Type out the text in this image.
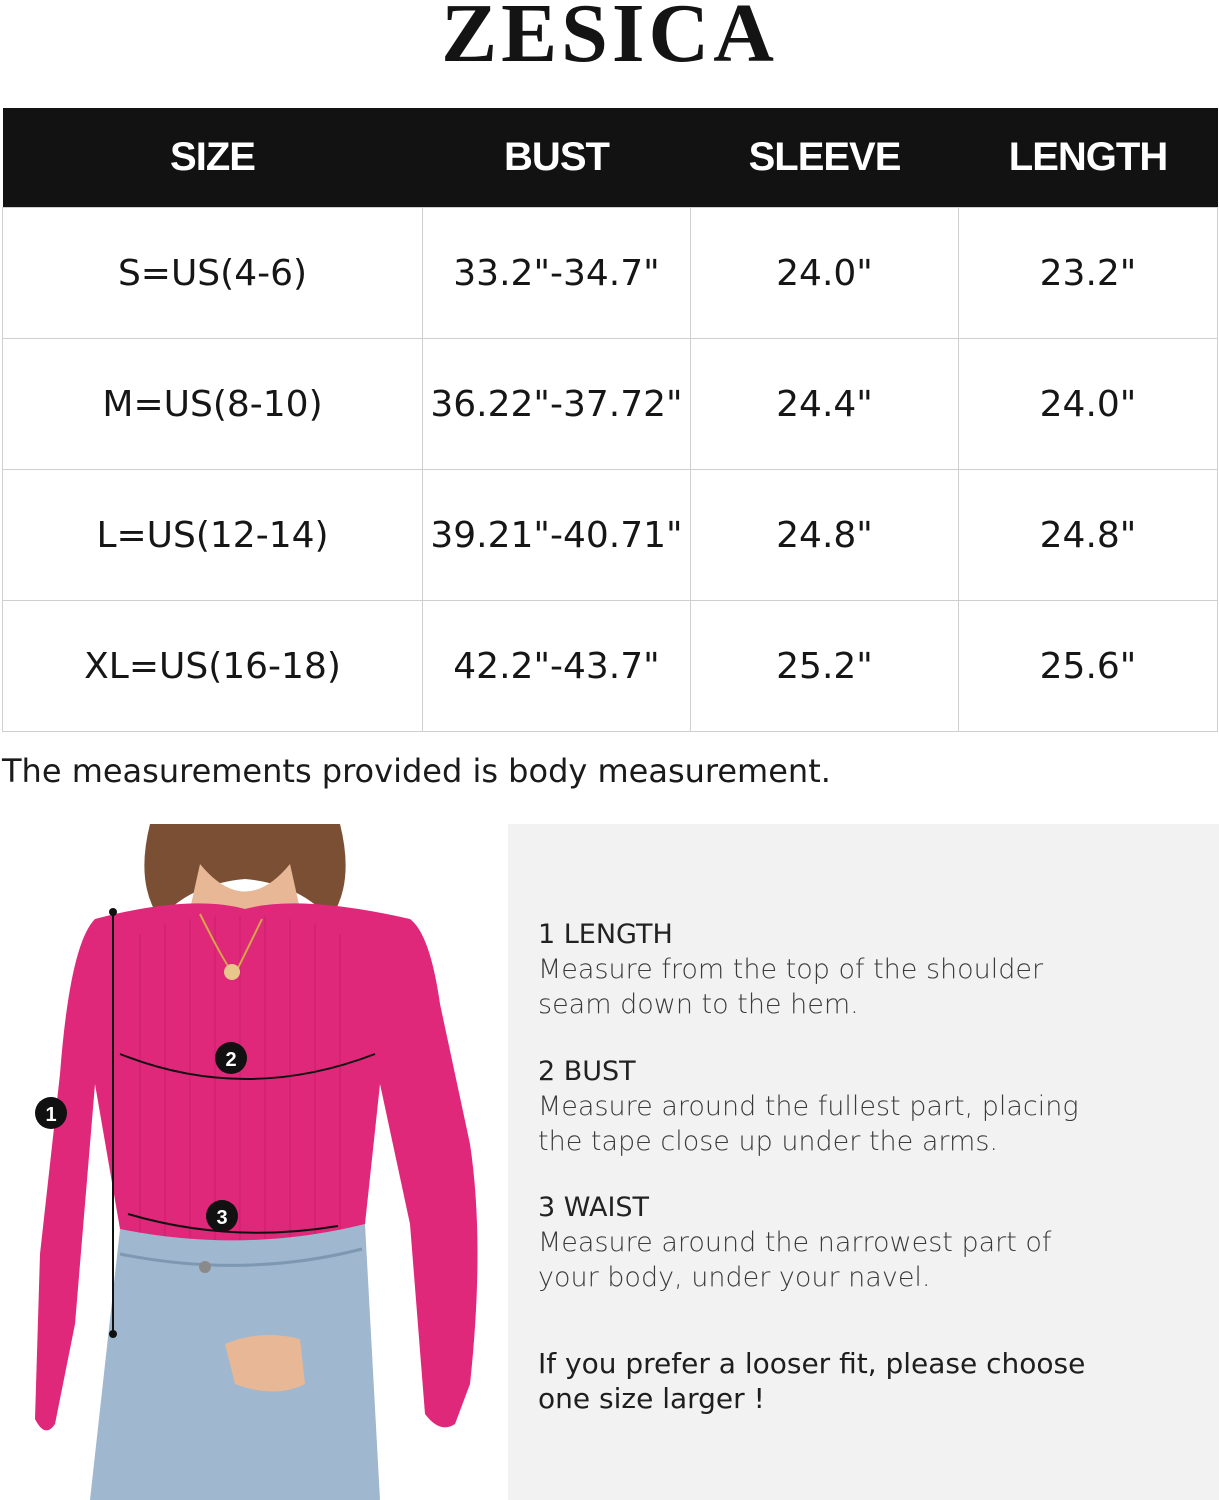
ZESICA
SIZE	BUST	SLEEVE	LENGTH
S=US(4-6)	33.2"-34.7"	24.0"	23.2"
M=US(8-10)	36.22"-37.72"	24.4"	24.0"
L=US(12-14)	39.21"-40.71"	24.8"	24.8"
XL=US(16-18)	42.2"-43.7"	25.2"	25.6"
The measurements provided is body measurement.
1
2
3
1 LENGTH
Measure from the top of the shoulder
seam down to the hem.
2 BUST
Measure around the fullest part, placing
the tape close up under the arms.
3 WAIST
Measure around the narrowest part of
your body, under your navel.
If you prefer a looser fit, please choose
one size larger !
